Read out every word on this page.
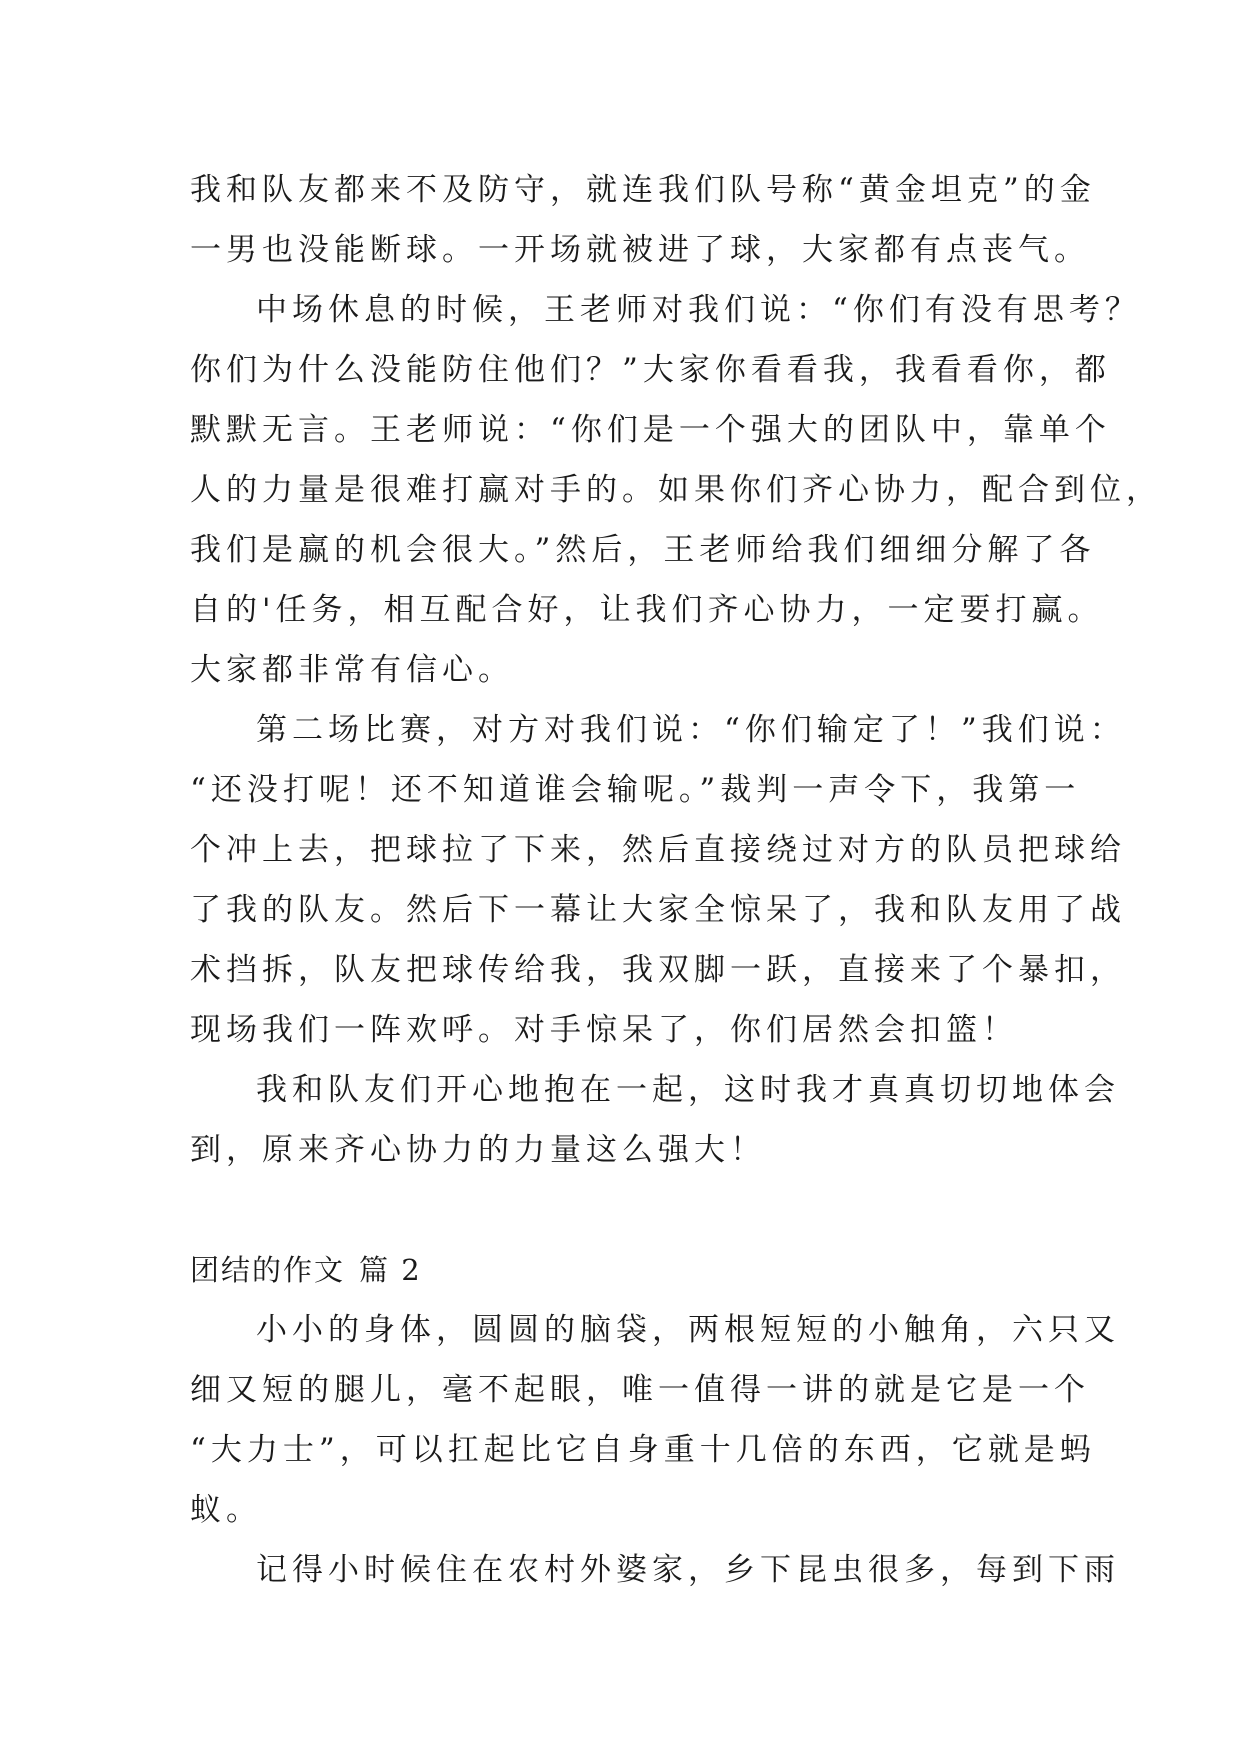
我和队友都来不及防守，就连我们队号称“黄金坦克”的金
一男也没能断球。一开场就被进了球，大家都有点丧气。
中场休息的时候，王老师对我们说：“你们有没有思考？
你们为什么没能防住他们？”大家你看看我，我看看你，都
默默无言。王老师说：“你们是一个强大的团队中，靠单个
人的力量是很难打赢对手的。如果你们齐心协力，配合到位，
我们是赢的机会很大。”然后，王老师给我们细细分解了各
自的'任务，相互配合好，让我们齐心协力，一定要打赢。
大家都非常有信心。
第二场比赛，对方对我们说：“你们输定了！”我们说：
“还没打呢！还不知道谁会输呢。”裁判一声令下，我第一
个冲上去，把球拉了下来，然后直接绕过对方的队员把球给
了我的队友。然后下一幕让大家全惊呆了，我和队友用了战
术挡拆，队友把球传给我，我双脚一跃，直接来了个暴扣，
现场我们一阵欢呼。对手惊呆了，你们居然会扣篮！
我和队友们开心地抱在一起，这时我才真真切切地体会
到，原来齐心协力的力量这么强大！
团结的作文 篇 2
小小的身体，圆圆的脑袋，两根短短的小触角，六只又
细又短的腿儿，毫不起眼，唯一值得一讲的就是它是一个
“大力士”，可以扛起比它自身重十几倍的东西，它就是蚂
蚁。
记得小时候住在农村外婆家，乡下昆虫很多，每到下雨
